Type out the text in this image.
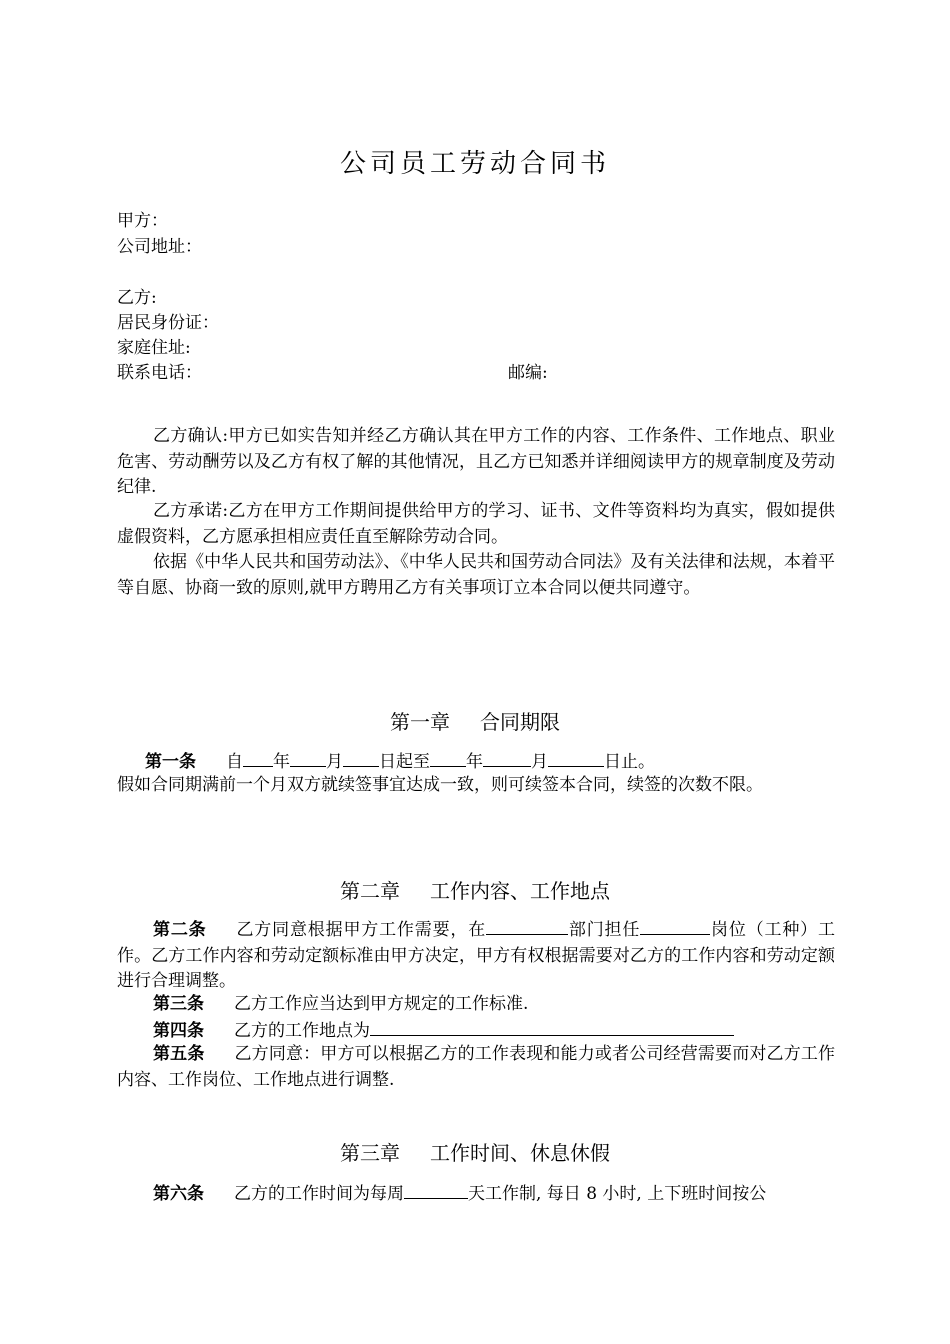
公司员工劳动合同书
甲方：
公司地址：
乙方:
居民身份证：
家庭住址:
联系电话：	邮编:
乙方确认:甲方已如实告知并经乙方确认其在甲方工作的内容、工作条件、工作地点、职业危害、劳动酬劳以及乙方有权了解的其他情况，且乙方已知悉并详细阅读甲方的规章制度及劳动纪律.
乙方承诺:乙方在甲方工作期间提供给甲方的学习、证书、文件等资料均为真实，假如提供虚假资料，乙方愿承担相应责任直至解除劳动合同。
依据《中华人民共和国劳动法》、《中华人民共和国劳动合同法》及有关法律和法规，本着平等自愿、协商一致的原则,就甲方聘用乙方有关事项订立本合同以便共同遵守。
第一章 合同期限
第一条 自 年 月 日起至 年	月	日止。
假如合同期满前一个月双方就续签事宜达成一致，则可续签本合同，续签的次数不限。
第二章 工作内容、工作地点
第二条 乙方同意根据甲方工作需要，在	部门担任	岗位（工种）工作。乙方工作内容和劳动定额标准由甲方决定，甲方有权根据需要对乙方的工作内容和劳动定额进行合理调整。
第三条 乙方工作应当达到甲方规定的工作标准.
第四条 乙方的工作地点为
第五条 乙方同意：甲方可以根据乙方的工作表现和能力或者公司经营需要而对乙方工作内容、工作岗位、工作地点进行调整.
第三章 工作时间、休息休假
第六条 乙方的工作时间为每周	天工作制, 每日 8 小时, 上下班时间按公
